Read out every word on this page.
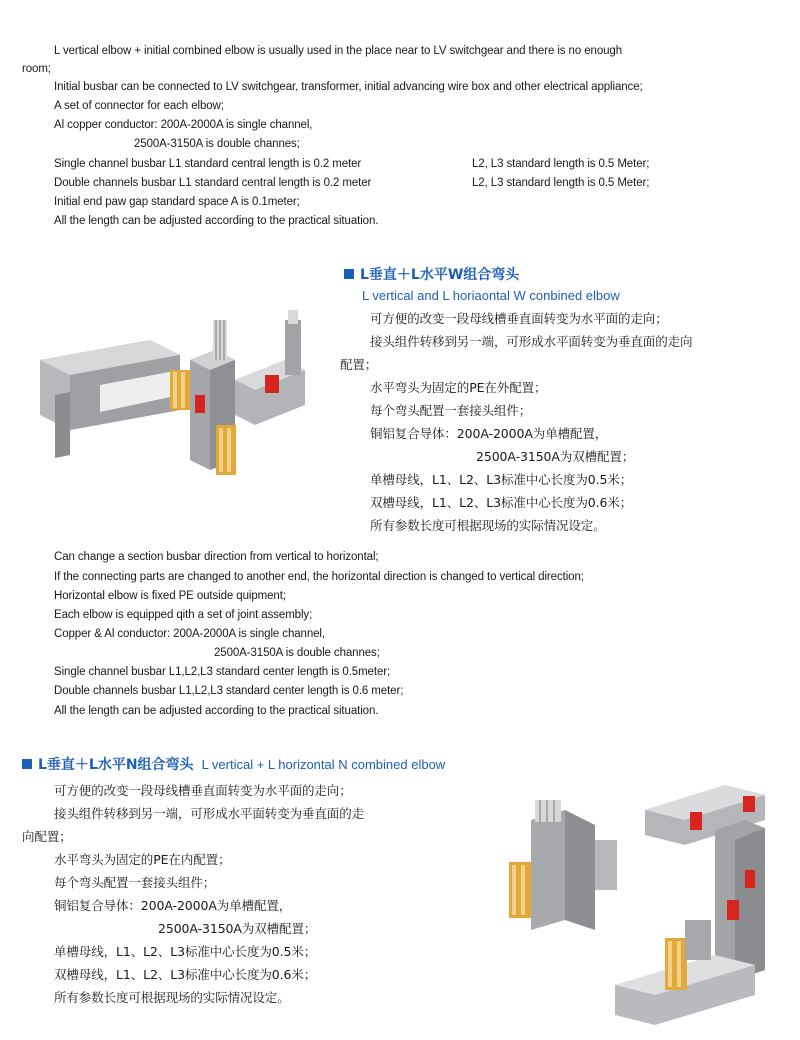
L vertical elbow + initial combined elbow is usually used in the place near to LV switchgear and there is no enough
room;
Initial busbar can be connected to LV switchgear, transformer, initial advancing wire box and other electrical appliance;
A set of connector for each elbow;
Al copper conductor: 200A-2000A is single channel,
2500A-3150A is double channes;
Single channel busbar L1 standard central length is 0.2 meter	L2, L3 standard length is 0.5 Meter;
Double channels busbar L1 standard central length is 0.2 meter	L2, L3 standard length is 0.5 Meter;
Initial end paw gap standard space A is 0.1meter;
All the length can be adjusted according to the practical situation.
L垂直＋L水平W组合弯头
L vertical and L horiaontal W conbined elbow
可方便的改变一段母线槽垂直面转变为水平面的走向；
接头组件转移到另一端，可形成水平面转变为垂直面的走向
配置；
水平弯头为固定的PE在外配置；
每个弯头配置一套接头组件；
铜铝复合导体：200A-2000A为单槽配置，
2500A-3150A为双槽配置；
单槽母线，L1、L2、L3标准中心长度为0.5米；
双槽母线，L1、L2、L3标准中心长度为0.6米；
所有参数长度可根据现场的实际情况设定。
Can change a section busbar direction from vertical to horizontal;
If the connecting parts are changed to another end, the horizontal direction is changed to vertical direction;
Horizontal elbow is fixed PE outside quipment;
Each elbow is equipped qith a set of joint assembly;
Copper & Al conductor: 200A-2000A is single channel,
2500A-3150A is double channes;
Single channel busbar L1,L2,L3 standard center length is 0.5meter;
Double channels busbar L1,L2,L3 standard center length is 0.6 meter;
All the length can be adjusted according to the practical situation.
L垂直＋L水平N组合弯头 L vertical + L horizontal N combined elbow
可方便的改变一段母线槽垂直面转变为水平面的走向；
接头组件转移到另一端，可形成水平面转变为垂直面的走
向配置；
水平弯头为固定的PE在内配置；
每个弯头配置一套接头组件；
铜铝复合导体：200A-2000A为单槽配置，
2500A-3150A为双槽配置；
单槽母线，L1、L2、L3标准中心长度为0.5米；
双槽母线，L1、L2、L3标准中心长度为0.6米；
所有参数长度可根据现场的实际情况设定。
